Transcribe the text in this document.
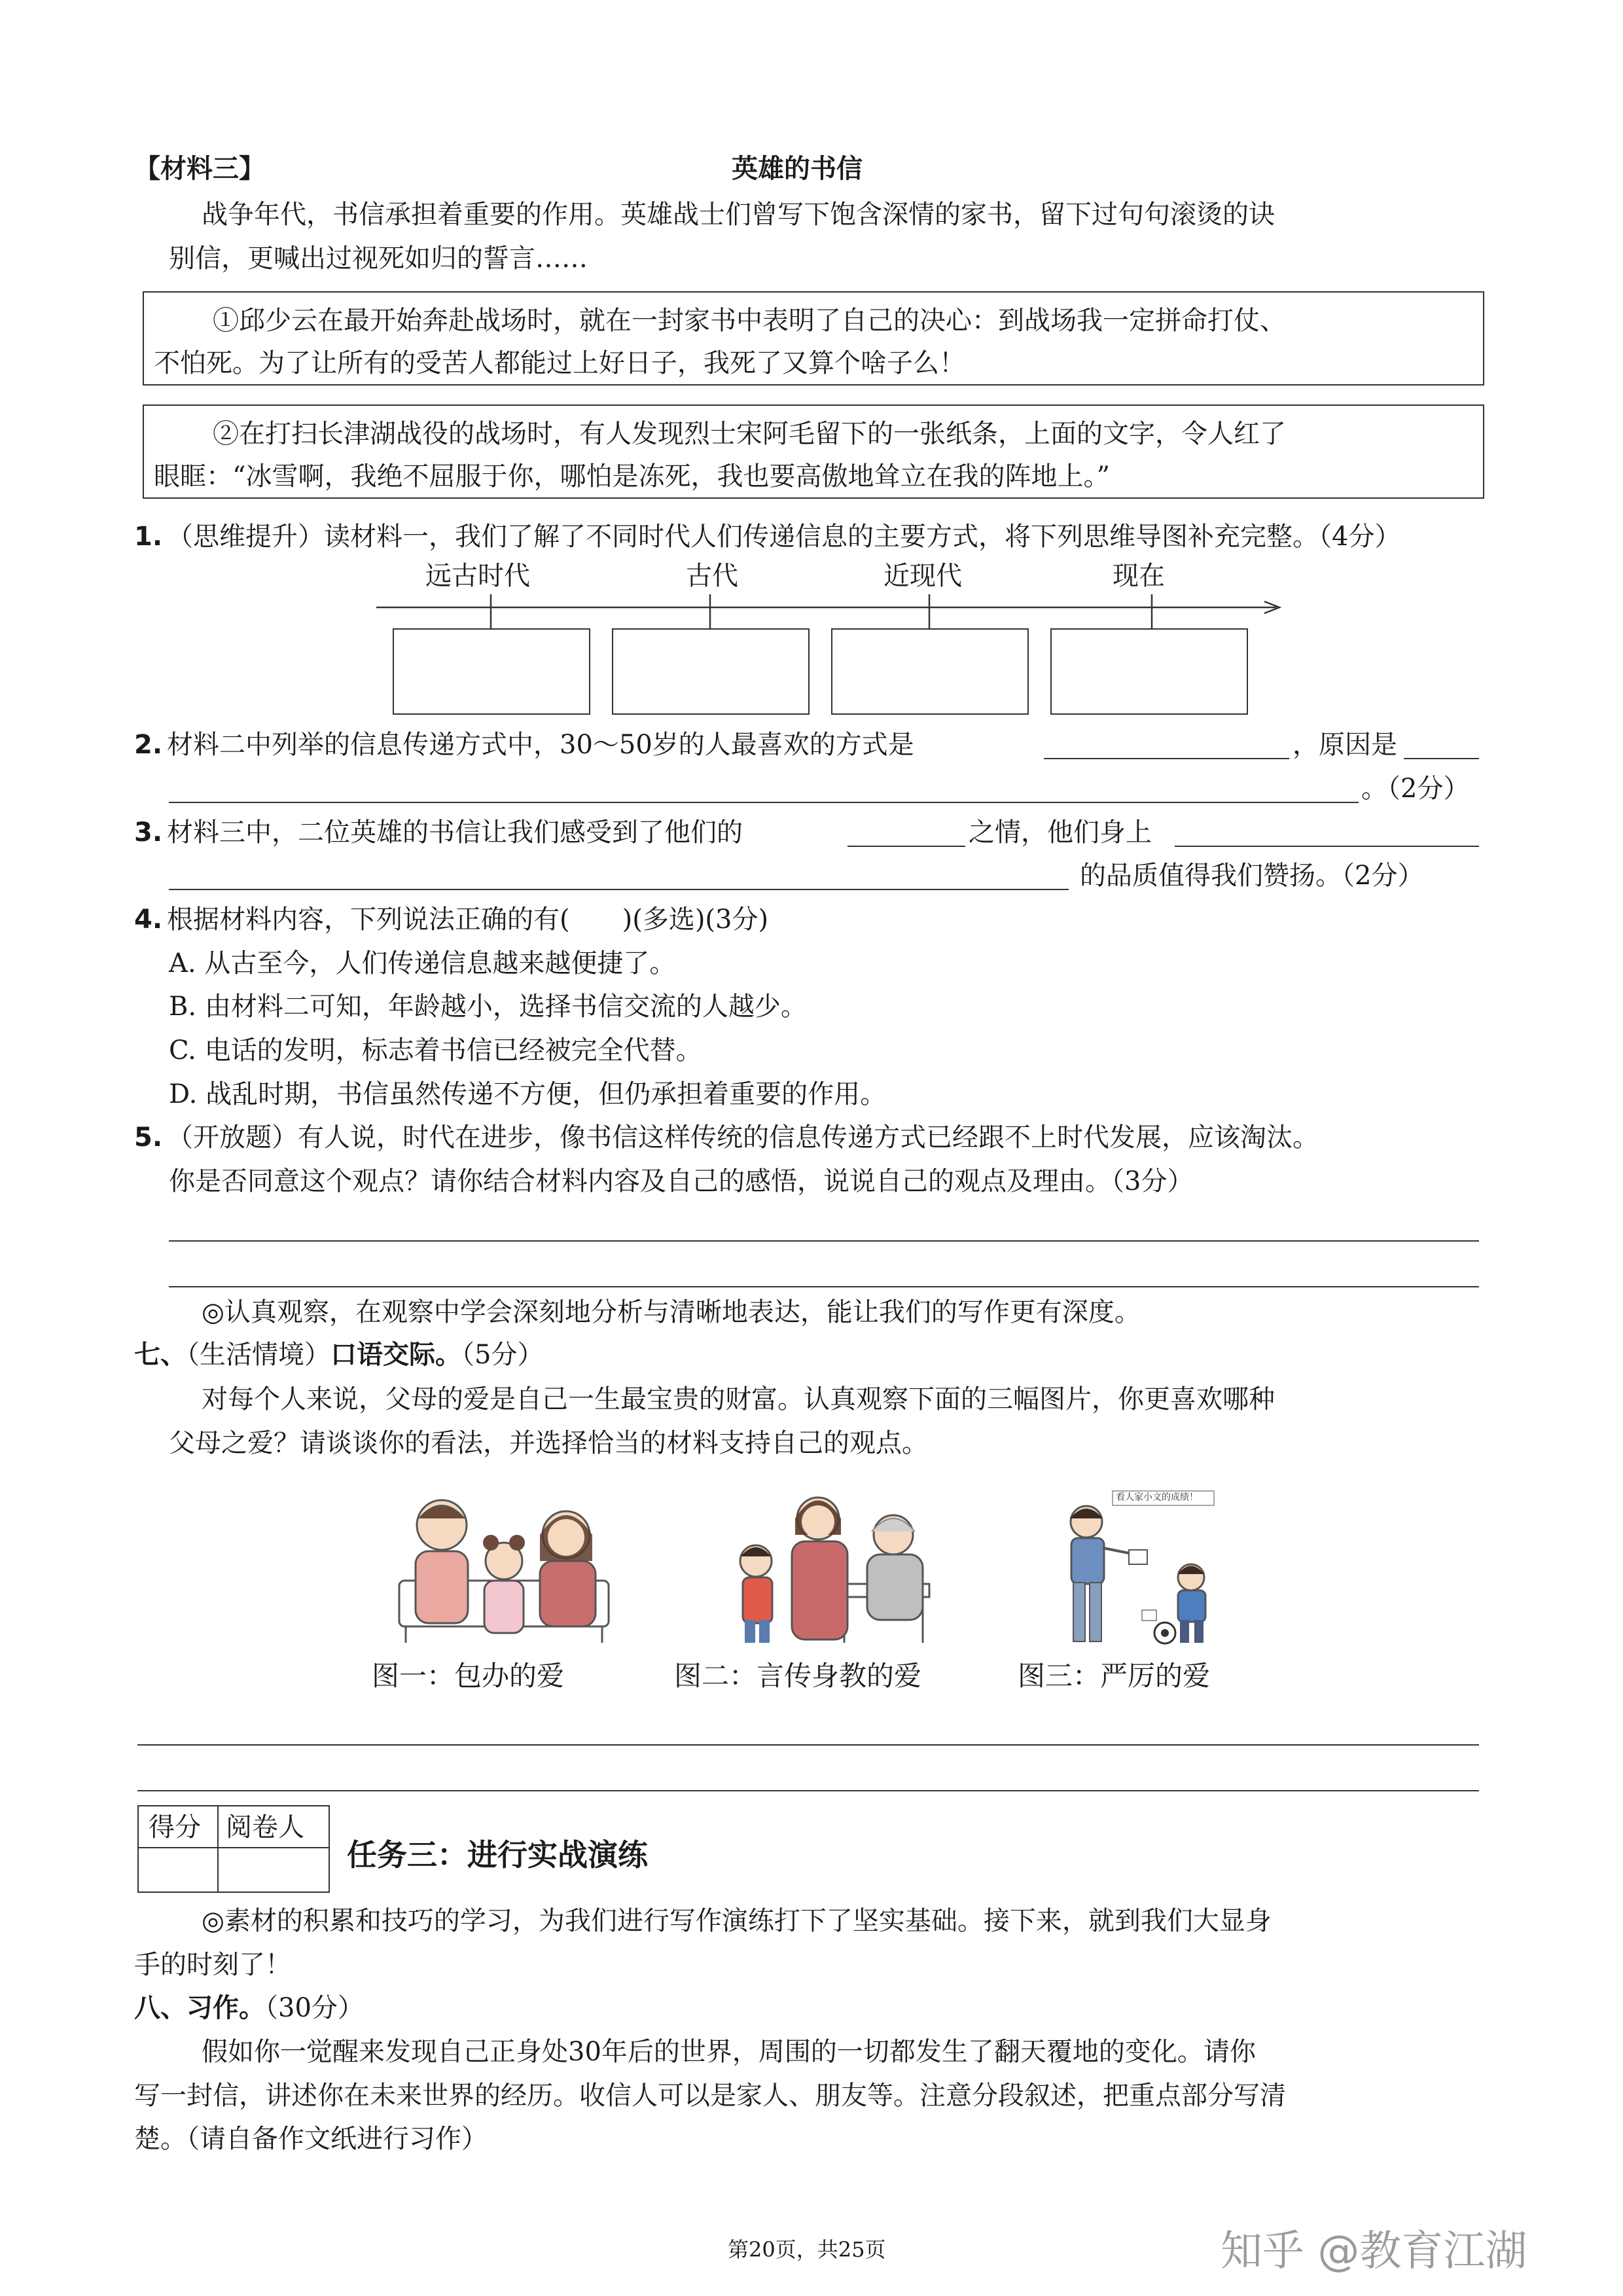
【材料三】	英雄的书信
战争年代，书信承担着重要的作用。英雄战士们曾写下饱含深情的家书，留下过句句滚烫的诀
别信，更喊出过视死如归的誓言……
①邱少云在最开始奔赴战场时，就在一封家书中表明了自己的决心：到战场我一定拼命打仗、
不怕死。为了让所有的受苦人都能过上好日子，我死了又算个啥子么！
②在打扫长津湖战役的战场时，有人发现烈士宋阿毛留下的一张纸条，上面的文字，令人红了
眼眶：“冰雪啊，我绝不屈服于你，哪怕是冻死，我也要高傲地耸立在我的阵地上。”
1. （思维提升）读材料一，我们了解了不同时代人们传递信息的主要方式，将下列思维导图补充完整。（4分）
远古时代	古代	近现代	现在
2. 材料二中列举的信息传递方式中，30～50岁的人最喜欢的方式是	，原因是
。（2分）
3. 材料三中，二位英雄的书信让我们感受到了他们的	之情，他们身上
的品质值得我们赞扬。（2分）
4. 根据材料内容，下列说法正确的有(　　)(多选)(3分)
A. 从古至今，人们传递信息越来越便捷了。
B. 由材料二可知，年龄越小，选择书信交流的人越少。
C. 电话的发明，标志着书信已经被完全代替。
D. 战乱时期，书信虽然传递不方便，但仍承担着重要的作用。
5. （开放题）有人说，时代在进步，像书信这样传统的信息传递方式已经跟不上时代发展，应该淘汰。
你是否同意这个观点？请你结合材料内容及自己的感悟，说说自己的观点及理由。（3分）
◎认真观察，在观察中学会深刻地分析与清晰地表达，能让我们的写作更有深度。
七、（生活情境）口语交际。（5分）
对每个人来说，父母的爱是自己一生最宝贵的财富。认真观察下面的三幅图片，你更喜欢哪种
父母之爱？请谈谈你的看法，并选择恰当的材料支持自己的观点。
看人家小文的成绩！
图一：包办的爱	图二：言传身教的爱	图三：严厉的爱
得分 阅卷人
任务三：进行实战演练
◎素材的积累和技巧的学习，为我们进行写作演练打下了坚实基础。接下来，就到我们大显身
手的时刻了！
八、习作。（30分）
假如你一觉醒来发现自己正身处30年后的世界，周围的一切都发生了翻天覆地的变化。请你
写一封信，讲述你在未来世界的经历。收信人可以是家人、朋友等。注意分段叙述，把重点部分写清
楚。（请自备作文纸进行习作）
第20页，共25页	知乎 @教育江湖
